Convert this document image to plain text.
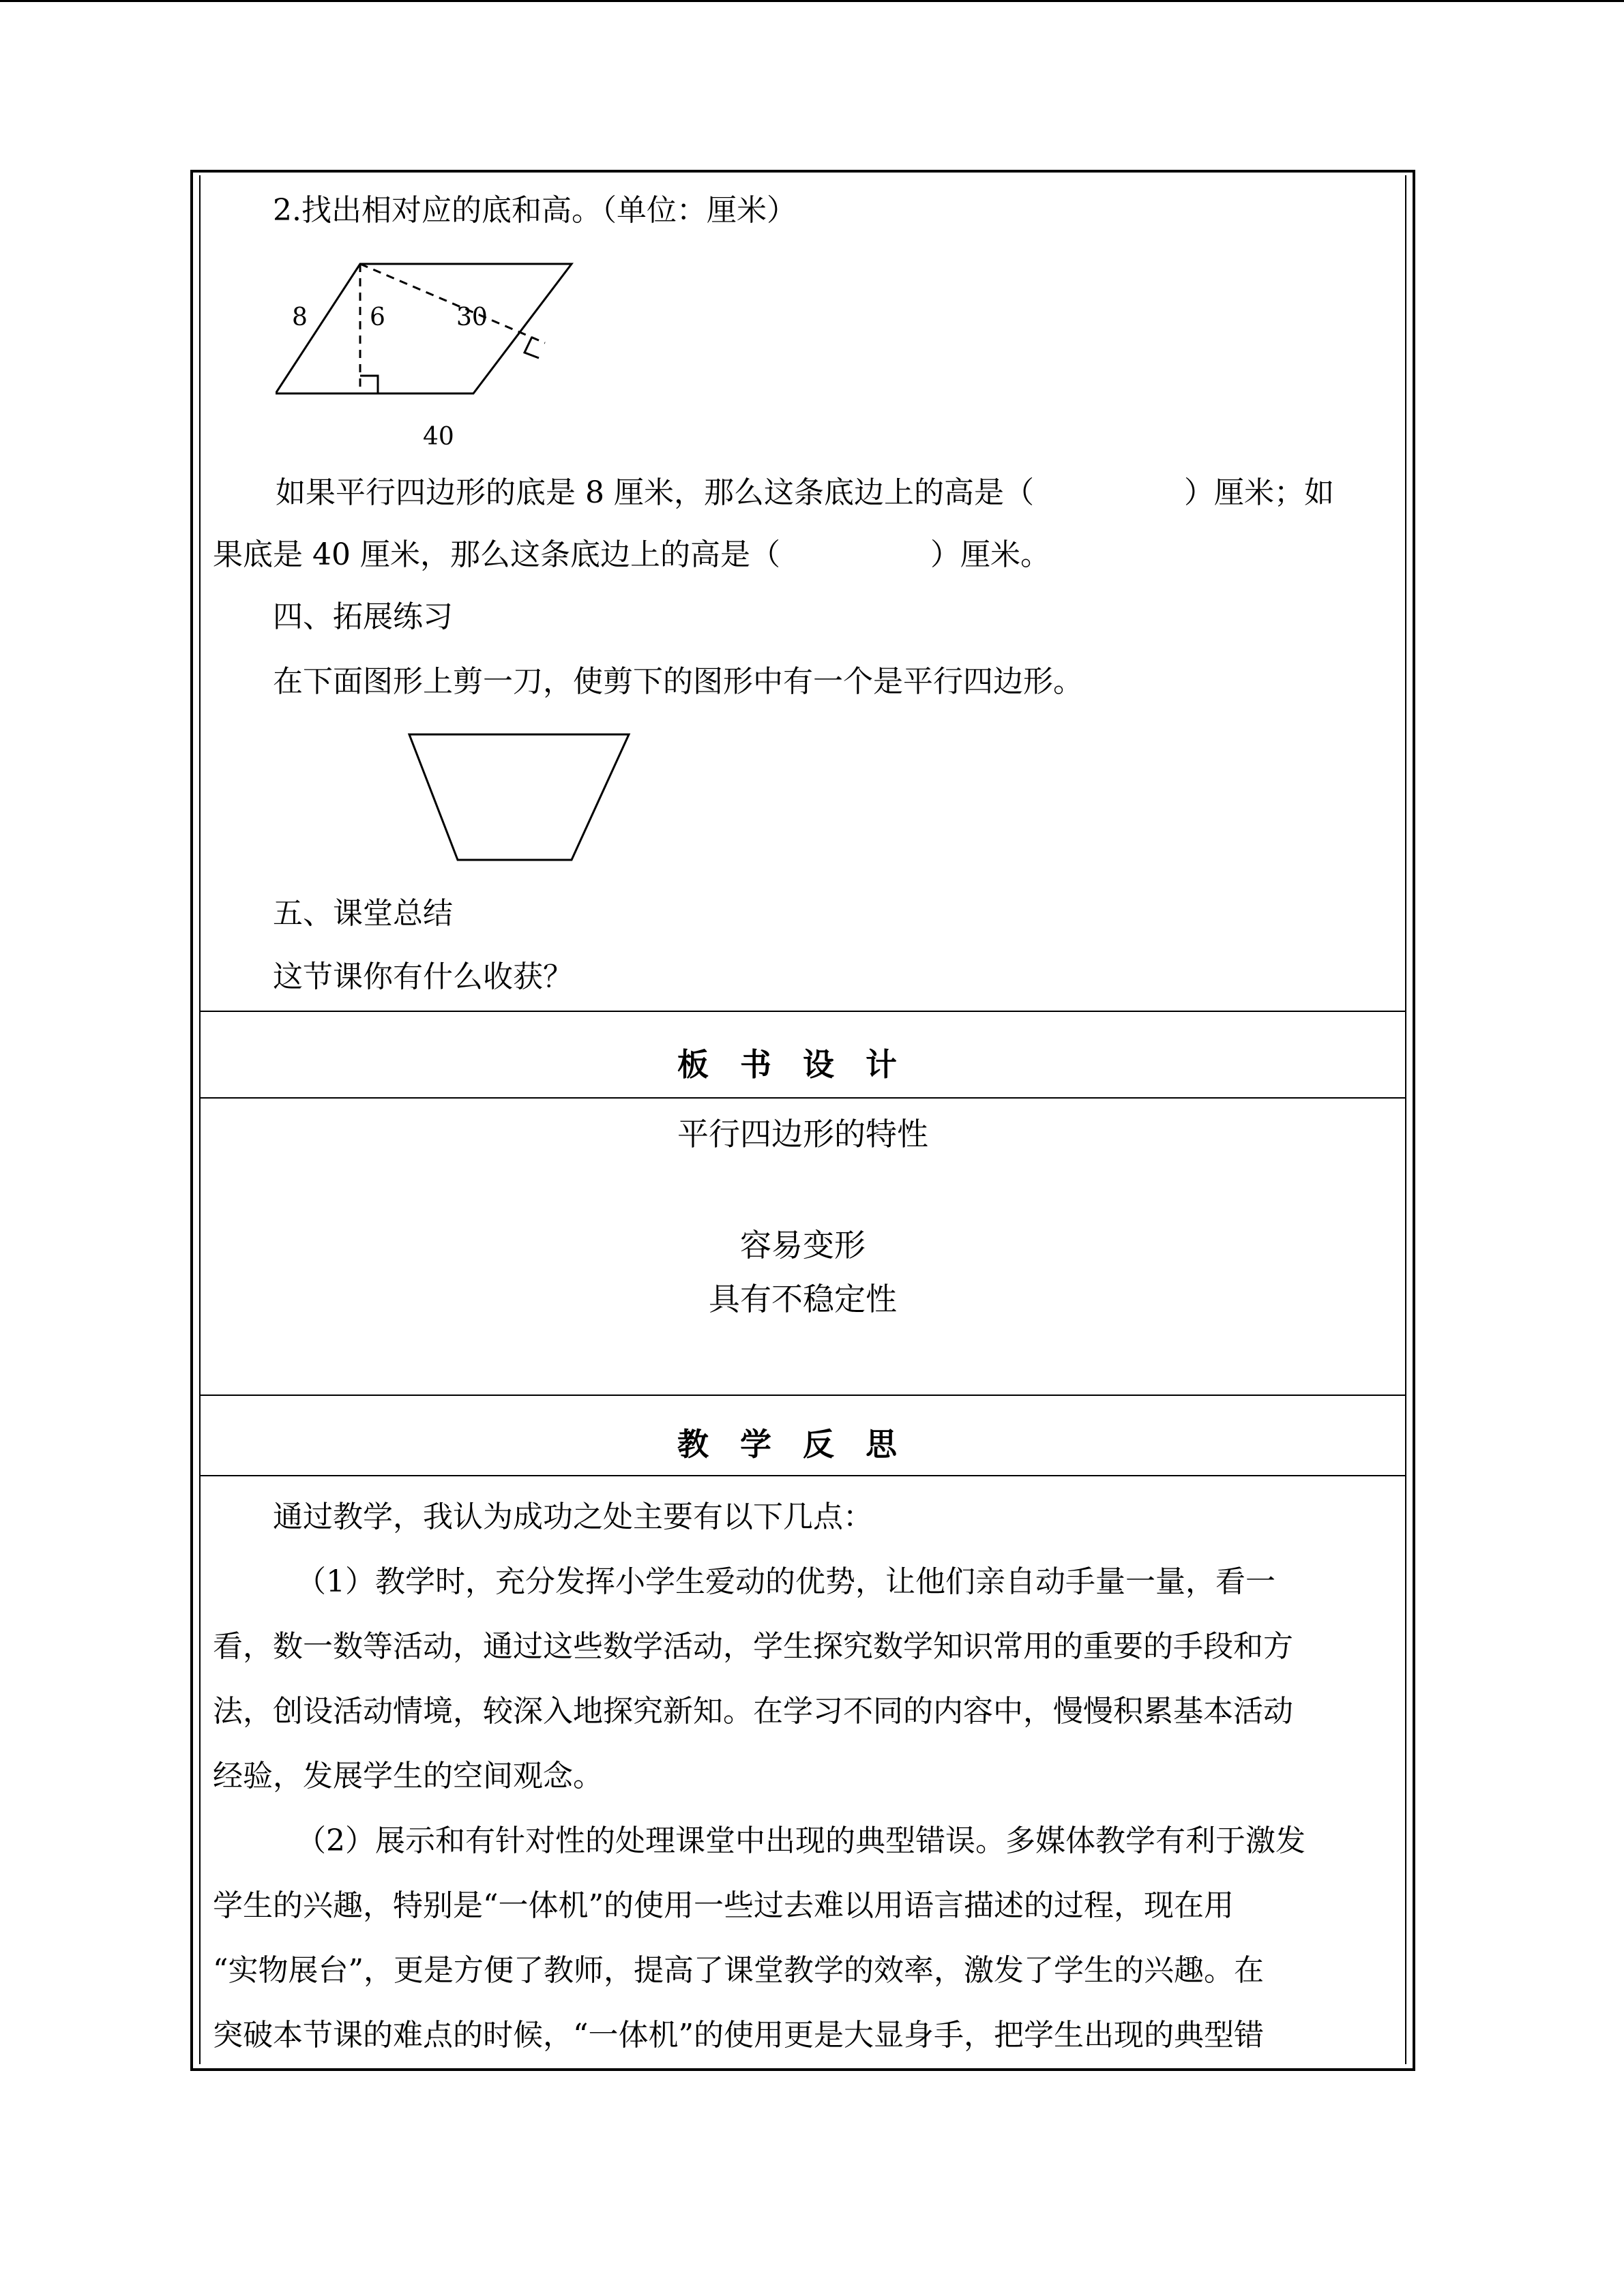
2.找出相对应的底和高。（单位：厘米）
8	6	30
40
如果平行四边形的底是 8 厘米，那么这条底边上的高是（　　　　　）厘米；如
果底是 40 厘米，那么这条底边上的高是（　　　　　）厘米。
四、拓展练习
在下面图形上剪一刀，使剪下的图形中有一个是平行四边形。
五、课堂总结
这节课你有什么收获？
板书设计
平行四边形的特性
容易变形
具有不稳定性
教学反思
通过教学，我认为成功之处主要有以下几点：
（1）教学时，充分发挥小学生爱动的优势，让他们亲自动手量一量，看一
看，数一数等活动，通过这些数学活动，学生探究数学知识常用的重要的手段和方
法，创设活动情境，较深入地探究新知。在学习不同的内容中，慢慢积累基本活动
经验，发展学生的空间观念。
（2）展示和有针对性的处理课堂中出现的典型错误。多媒体教学有利于激发
学生的兴趣，特别是“一体机”的使用一些过去难以用语言描述的过程，现在用
“实物展台”，更是方便了教师，提高了课堂教学的效率，激发了学生的兴趣。在
突破本节课的难点的时候，“一体机”的使用更是大显身手，把学生出现的典型错
